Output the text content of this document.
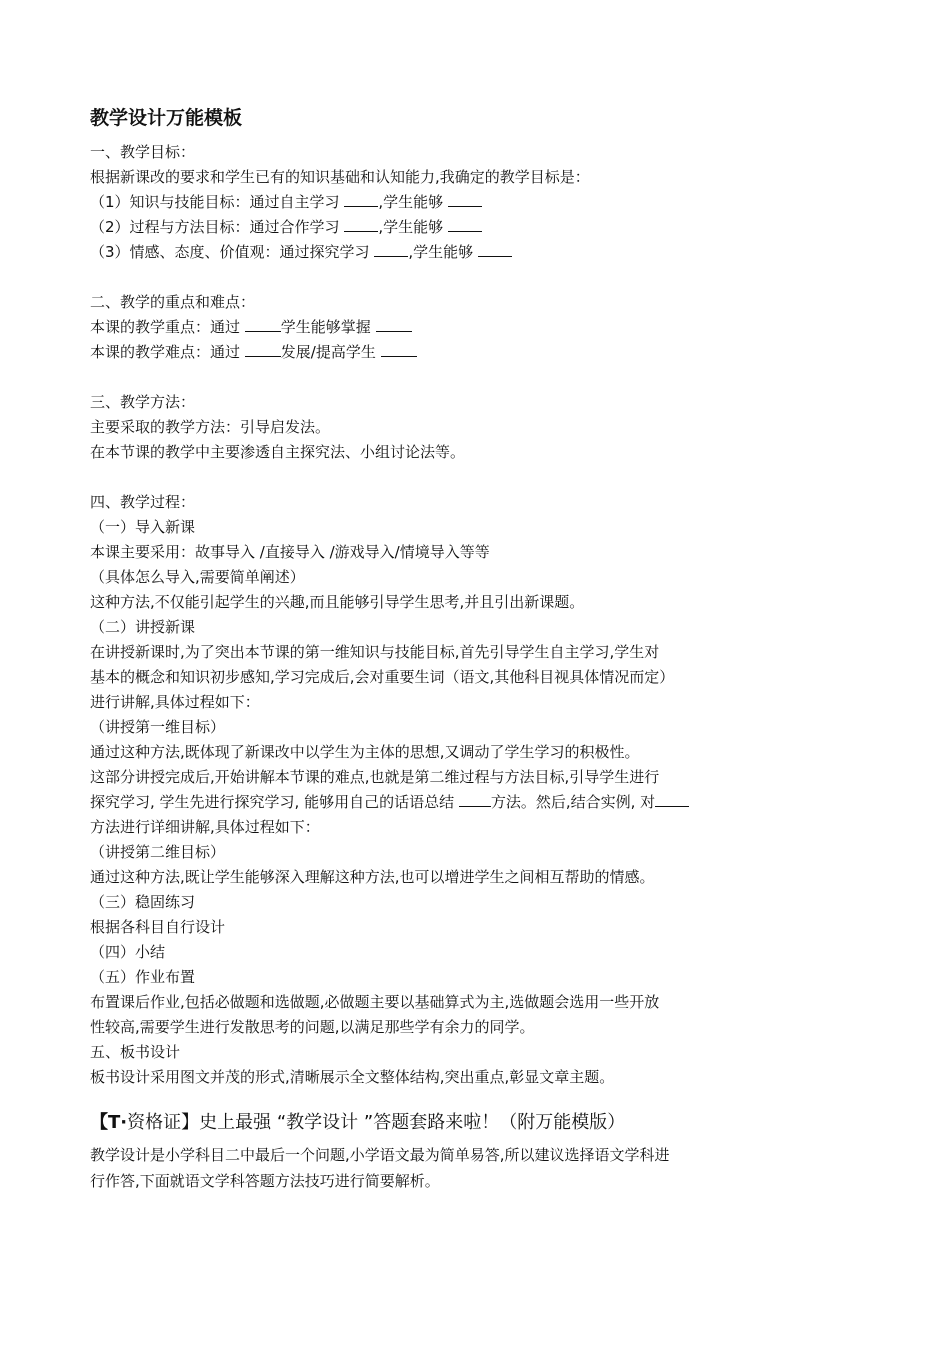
教学设计万能模板
一、教学目标：
根据新课改的要求和学生已有的知识基础和认知能力,我确定的教学目标是：
（1）知识与技能目标：通过自主学习	,学生能够
（2）过程与方法目标：通过合作学习	,学生能够
（3）情感、态度、价值观：通过探究学习	,学生能够
二、教学的重点和难点：
本课的教学重点：通过	学生能够掌握
本课的教学难点：通过	发展/提高学生
三、教学方法：
主要采取的教学方法：引导启发法。
在本节课的教学中主要渗透自主探究法、小组讨论法等。
四、教学过程：
（一）导入新课
本课主要采用：故事导入 /直接导入 /游戏导入/情境导入等等
（具体怎么导入,需要简单阐述）
这种方法,不仅能引起学生的兴趣,而且能够引导学生思考,并且引出新课题。
（二）讲授新课
在讲授新课时,为了突出本节课的第一维知识与技能目标,首先引导学生自主学习,学生对
基本的概念和知识初步感知,学习完成后,会对重要生词（语文,其他科目视具体情况而定）
进行讲解,具体过程如下：
（讲授第一维目标）
通过这种方法,既体现了新课改中以学生为主体的思想,又调动了学生学习的积极性。
这部分讲授完成后,开始讲解本节课的难点,也就是第二维过程与方法目标,引导学生进行
探究学习, 学生先进行探究学习, 能够用自己的话语总结 方法。然后,结合实例, 对
方法进行详细讲解,具体过程如下：
（讲授第二维目标）
通过这种方法,既让学生能够深入理解这种方法,也可以增进学生之间相互帮助的情感。
（三）稳固练习
根据各科目自行设计
（四）小结
（五）作业布置
布置课后作业,包括必做题和选做题,必做题主要以基础算式为主,选做题会选用一些开放
性较高,需要学生进行发散思考的问题,以满足那些学有余力的同学。
五、板书设计
板书设计采用图文并茂的形式,清晰展示全文整体结构,突出重点,彰显文章主题。
【T·资格证】史上最强 “教学设计 ”答题套路来啦！（附万能模版）
教学设计是小学科目二中最后一个问题,小学语文最为简单易答,所以建议选择语文学科进
行作答,下面就语文学科答题方法技巧进行简要解析。
